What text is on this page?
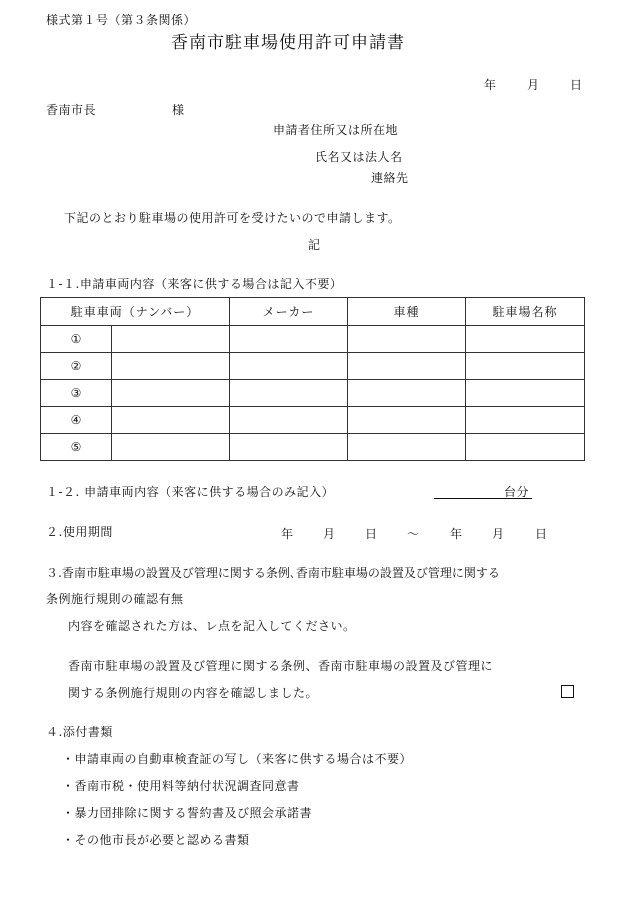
様式第１号（第３条関係）
香南市駐車場使用許可申請書
年	月	日
香南市長	様
申請者住所又は所在地
氏名又は法人名
連絡先
下記のとおり駐車場の使用許可を受けたいので申請します。
記
１-１.申請車両内容（来客に供する場合は記入不要）
駐車車両（ナンバー）		メーカー	車種	駐車場名称
①				
②				
③				
④				
⑤				
１-２. 申請車両内容（来客に供する場合のみ記入）	台分
２.使用期間	年 月 日 ～	年 月	日
３.香南市駐車場の設置及び管理に関する条例､香南市駐車場の設置及び管理に関する
条例施行規則の確認有無
内容を確認された方は、レ点を記入してください。
香南市駐車場の設置及び管理に関する条例、香南市駐車場の設置及び管理に
関する条例施行規則の内容を確認しました。
４.添付書類
・申請車両の自動車検査証の写し（来客に供する場合は不要）
・香南市税・使用料等納付状況調査同意書
・暴力団排除に関する誓約書及び照会承諾書
・その他市長が必要と認める書類
